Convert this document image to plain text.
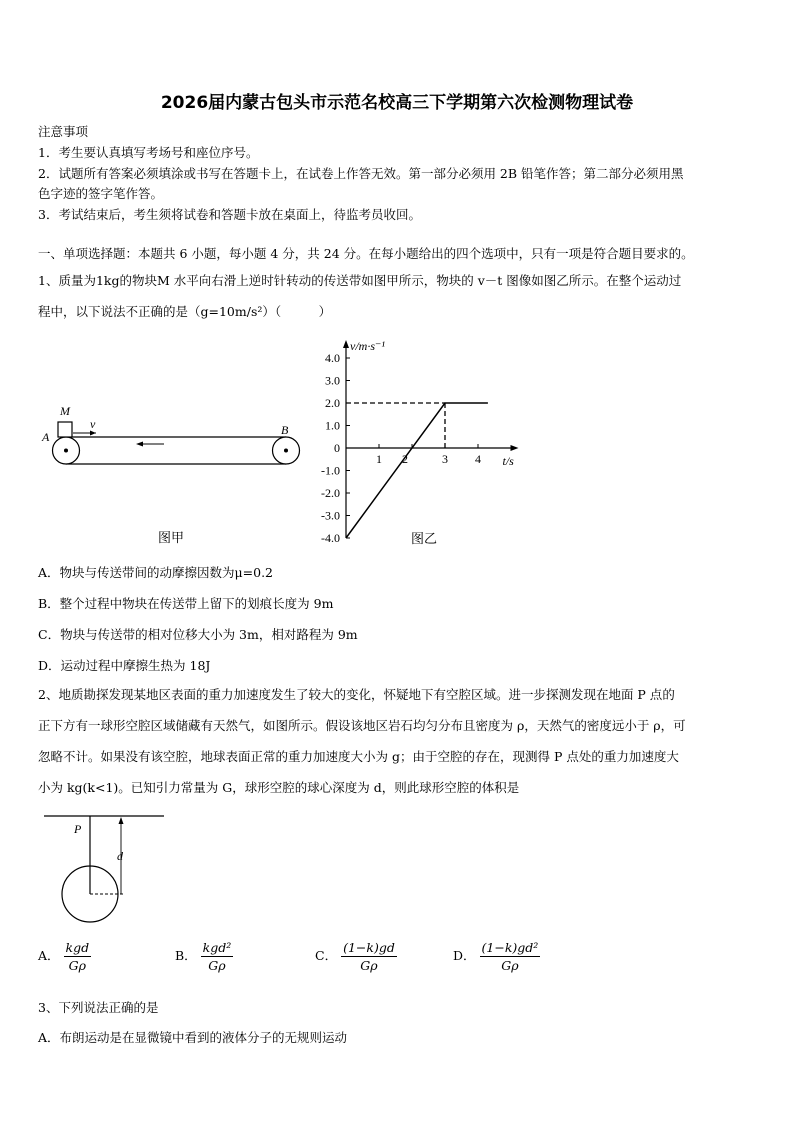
2026届内蒙古包头市示范名校高三下学期第六次检测物理试卷
注意事项
1．考生要认真填写考场号和座位序号。
2．试题所有答案必须填涂或书写在答题卡上，在试卷上作答无效。第一部分必须用 2B 铅笔作答；第二部分必须用黑
色字迹的签字笔作答。
3．考试结束后，考生须将试卷和答题卡放在桌面上，待监考员收回。
一、单项选择题：本题共 6 小题，每小题 4 分，共 24 分。在每小题给出的四个选项中，只有一项是符合题目要求的。
1、质量为1kg的物块M 水平向右滑上逆时针转动的传送带如图甲所示，物块的 v－t 图像如图乙所示。在整个运动过
程中，以下说法不正确的是（g=10m/s²）（　　　）
M
v
A	B
图甲
4.0
3.0
2.0
1.0
0
-1.0
-2.0
-3.0
-4.0
1 2	3 4
v/m·s⁻¹
t/s
图乙
A．物块与传送带间的动摩擦因数为μ=0.2
B．整个过程中物块在传送带上留下的划痕长度为 9m
C．物块与传送带的相对位移大小为 3m，相对路程为 9m
D．运动过程中摩擦生热为 18J
2、地质勘探发现某地区表面的重力加速度发生了较大的变化，怀疑地下有空腔区域。进一步探测发现在地面 P 点的
正下方有一球形空腔区域储藏有天然气，如图所示。假设该地区岩石均匀分布且密度为 ρ，天然气的密度远小于 ρ，可
忽略不计。如果没有该空腔，地球表面正常的重力加速度大小为 g；由于空腔的存在，现测得 P 点处的重力加速度大
小为 kg(k<1)。已知引力常量为 G，球形空腔的球心深度为 d，则此球形空腔的体积是
P
d
A． $\frac{\text{kgd}}{G\rho}$	B． $\frac{\text{kgd²}}{G\rho}$	C． $\frac{(1-k)gd}{G\rho}$	D． $\frac{\text{(1−k)gd²}}{G\rho}$
3、下列说法正确的是
A．布朗运动是在显微镜中看到的液体分子的无规则运动
